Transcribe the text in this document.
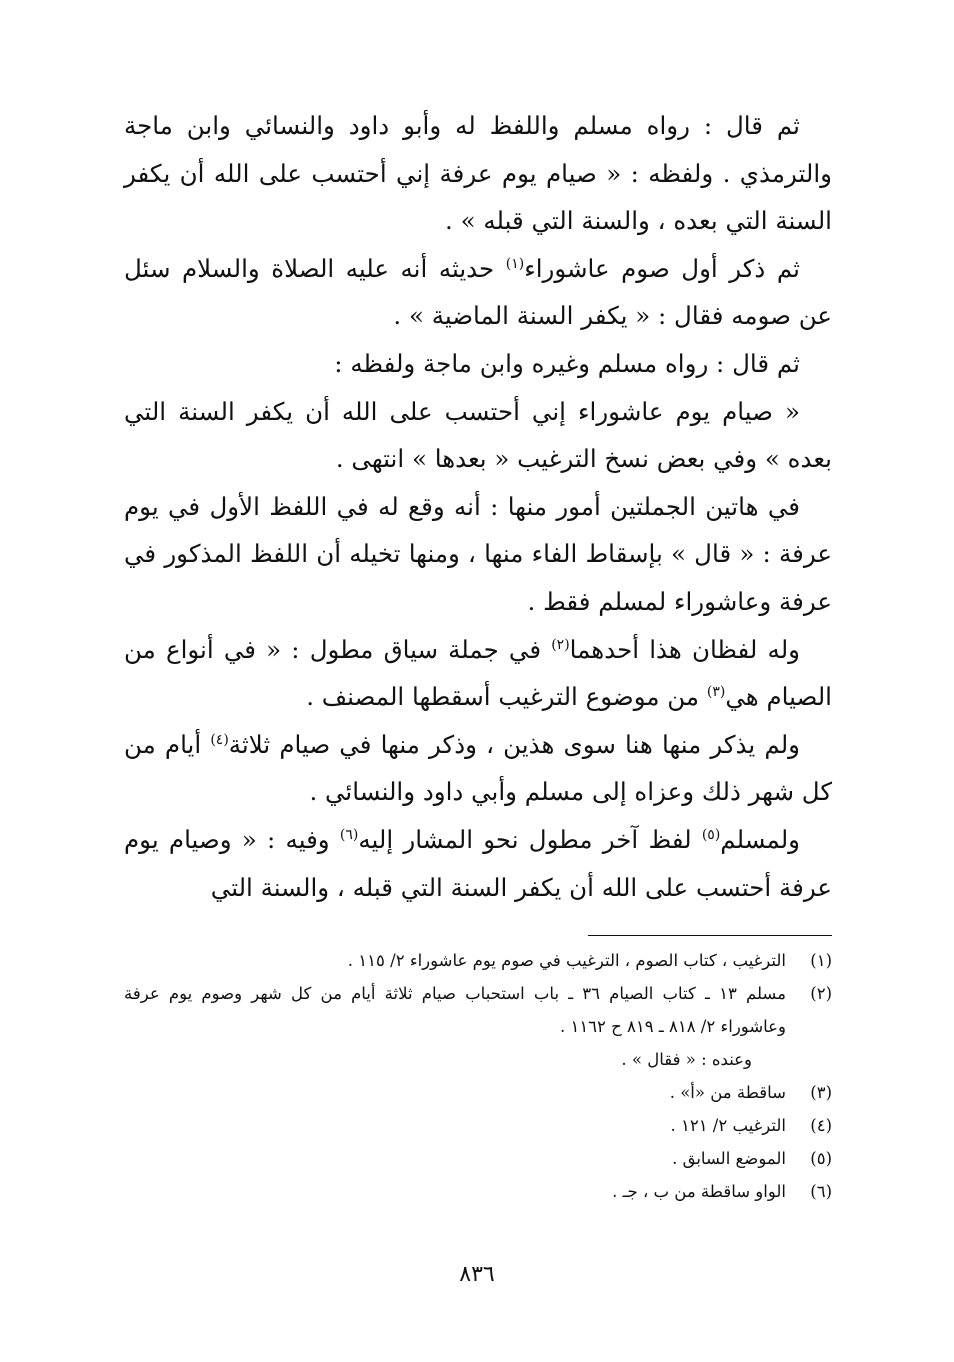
ثم قال : رواه مسلم واللفظ له وأبو داود والنسائي وابن ماجة والترمذي . ولفظه : « صيام يوم عرفة إني أحتسب على الله أن يكفر السنة التي بعده ، والسنة التي قبله » .

ثم ذكر أول صوم عاشوراء$^{(١)}$ حديثه أنه عليه الصلاة والسلام سئل عن صومه فقال : « يكفر السنة الماضية » .

ثم قال : رواه مسلم وغيره وابن ماجة ولفظه :

« صيام يوم عاشوراء إني أحتسب على الله أن يكفر السنة التي بعده » وفي بعض نسخ الترغيب « بعدها » انتهى .

في هاتين الجملتين أمور منها : أنه وقع له في اللفظ الأول في يوم عرفة : « قال » بإسقاط الفاء منها ، ومنها تخيله أن اللفظ المذكور في عرفة وعاشوراء لمسلم فقط .

وله لفظان هذا أحدهما$^{(٢)}$ في جملة سياق مطول : « في أنواع من الصيام هي$^{(٣)}$ من موضوع الترغيب أسقطها المصنف .

ولم يذكر منها هنا سوى هذين ، وذكر منها في صيام ثلاثة$^{(٤)}$ أيام من كل شهر ذلك وعزاه إلى مسلم وأبي داود والنسائي .

ولمسلم$^{(٥)}$ لفظ آخر مطول نحو المشار إليه$^{(٦)}$ وفيه : « وصيام يوم عرفة أحتسب على الله أن يكفر السنة التي قبله ، والسنة التي

(١)
الترغيب ، كتاب الصوم ، الترغيب في صوم يوم عاشوراء ٢/ ١١٥ .
(٢)
مسلم ١٣ ـ كتاب الصيام ٣٦ ـ باب استحباب صيام ثلاثة أيام من كل شهر وصوم يوم عرفة وعاشوراء ٢/ ٨١٨ ـ ٨١٩ ح ١١٦٢ .
وعنده : « فقال » .
(٣)
ساقطة من «أ» .
(٤)
الترغيب ٢/ ١٢١ .
(٥)
الموضع السابق .
(٦)
الواو ساقطة من ب ، جـ .
٨٣٦
